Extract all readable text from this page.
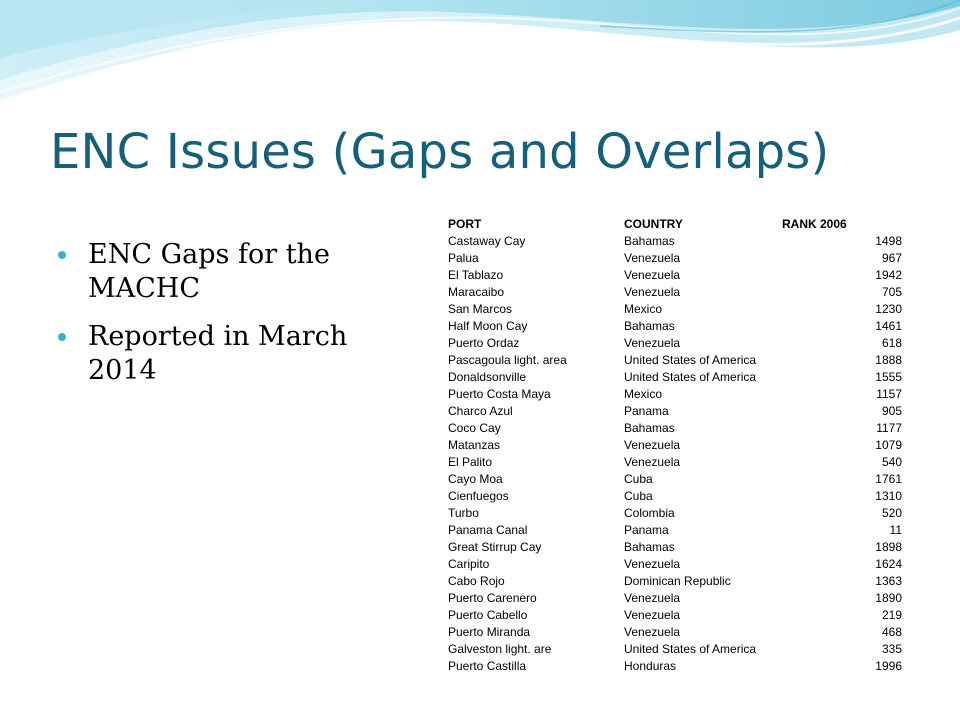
ENC Issues (Gaps and Overlaps)
ENC Gaps for the MACHC
Reported in March 2014
PORT	COUNTRY	RANK 2006
Castaway Cay	Bahamas	1498
Palua	Venezuela	967
El Tablazo	Venezuela	1942
Maracaibo	Venezuela	705
San Marcos	Mexico	1230
Half Moon Cay	Bahamas	1461
Puerto Ordaz	Venezuela	618
Pascagoula light. area	United States of America	1888
Donaldsonville	United States of America	1555
Puerto Costa Maya	Mexico	1157
Charco Azul	Panama	905
Coco Cay	Bahamas	1177
Matanzas	Venezuela	1079
El Palito	Venezuela	540
Cayo Moa	Cuba	1761
Cienfuegos	Cuba	1310
Turbo	Colombia	520
Panama Canal	Panama	11
Great Stirrup Cay	Bahamas	1898
Caripito	Venezuela	1624
Cabo Rojo	Dominican Republic	1363
Puerto Carenero	Venezuela	1890
Puerto Cabello	Venezuela	219
Puerto Miranda	Venezuela	468
Galveston light. are	United States of America	335
Puerto Castilla	Honduras	1996
